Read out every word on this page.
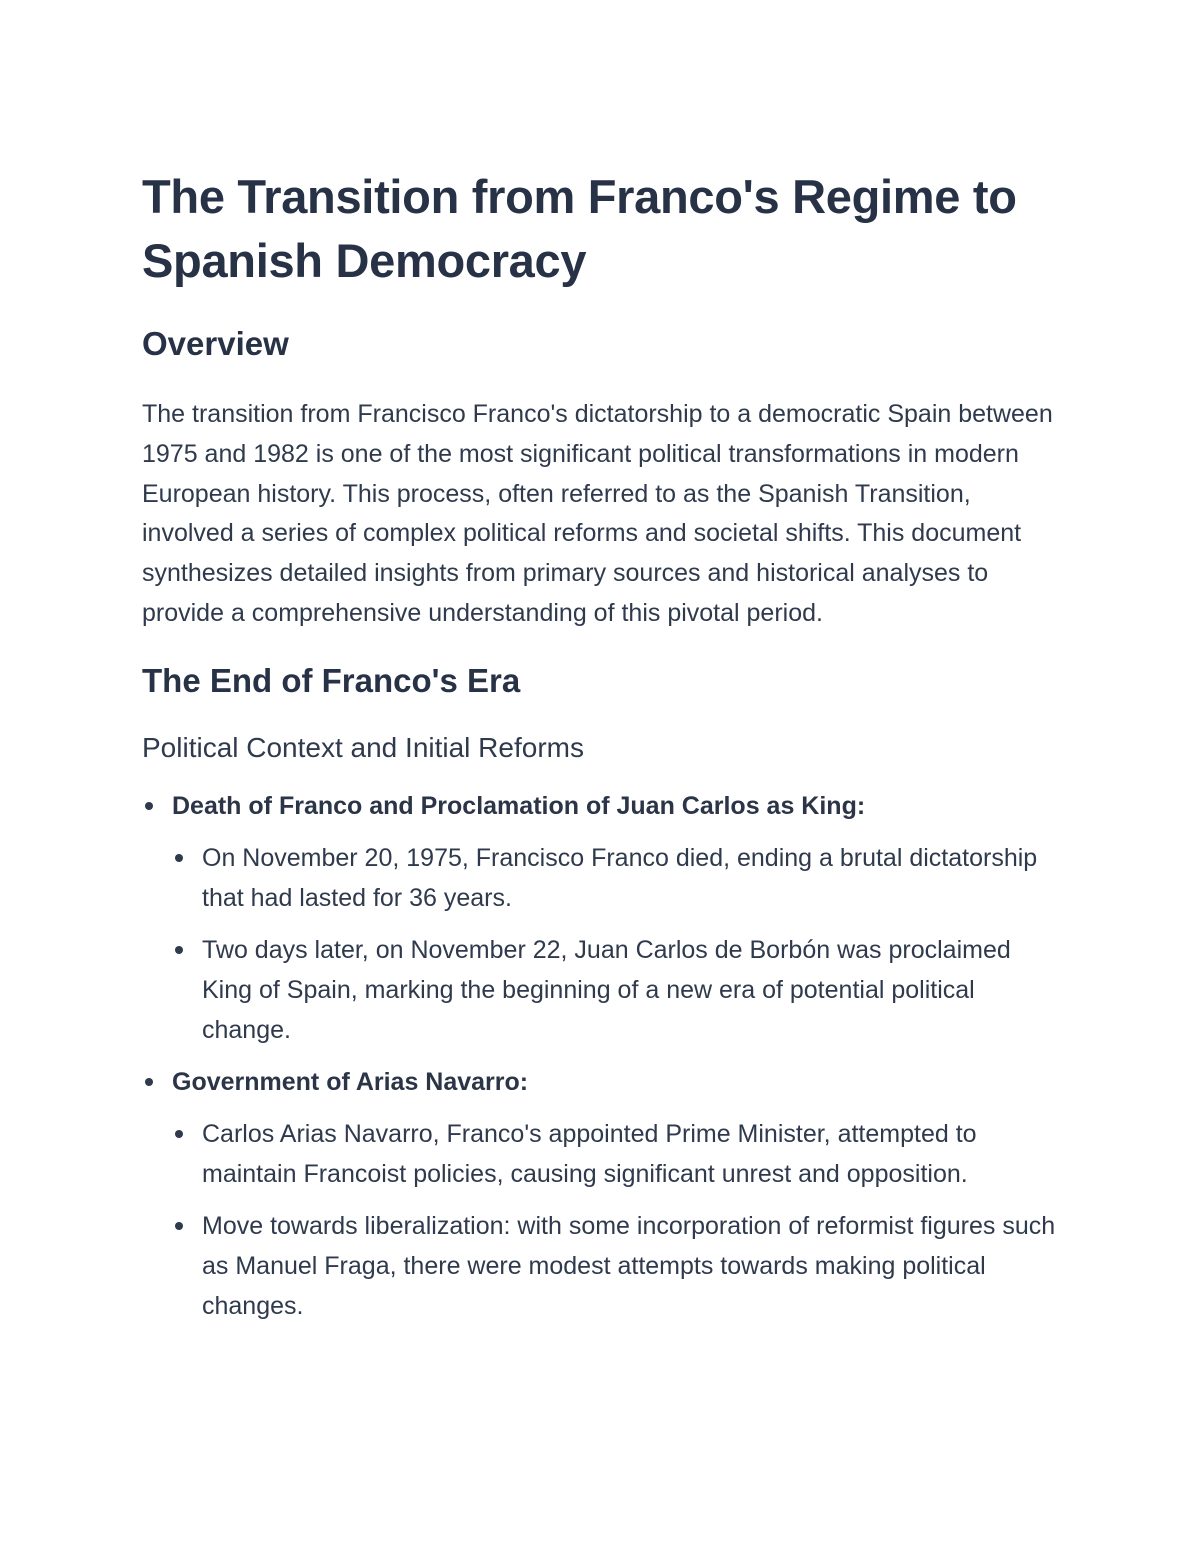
The Transition from Franco's Regime to Spanish Democracy
Overview

The transition from Francisco Franco's dictatorship to a democratic Spain between 1975 and 1982 is one of the most significant political transformations in modern European history. This process, often referred to as the Spanish Transition, involved a series of complex political reforms and societal shifts. This document synthesizes detailed insights from primary sources and historical analyses to provide a comprehensive understanding of this pivotal period.

The End of Franco's Era
Political Context and Initial Reforms
Death of Franco and Proclamation of Juan Carlos as King:
On November 20, 1975, Francisco Franco died, ending a brutal dictatorship that had lasted for 36 years.
Two days later, on November 22, Juan Carlos de Borbón was proclaimed King of Spain, marking the beginning of a new era of potential political change.
Government of Arias Navarro:
Carlos Arias Navarro, Franco's appointed Prime Minister, attempted to maintain Francoist policies, causing significant unrest and opposition.
Move towards liberalization: with some incorporation of reformist figures such as Manuel Fraga, there were modest attempts towards making political changes.
